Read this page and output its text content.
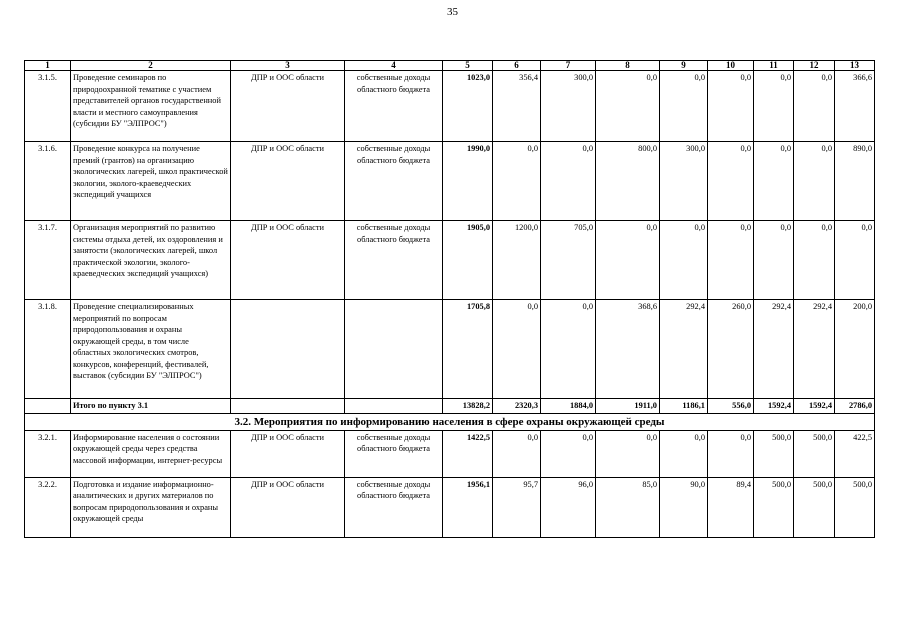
35
1	2	3	4	5	6	7	8	9	10	11	12	13
3.1.5.	Проведение семинаров по природоохранной тематике с участием представителей органов государственной власти и местного самоуправления (субсидии БУ "ЭЛПРОС")	ДПР и ООС области	собственные доходы областного бюджета	1023,0	356,4	300,0	0,0	0,0	0,0	0,0	0,0	366,6
3.1.6.	Проведение конкурса на получение премий (грантов) на организацию экологических лагерей, школ практической экологии, эколого-краеведческих экспедиций учащихся	ДПР и ООС области	собственные доходы областного бюджета	1990,0	0,0	0,0	800,0	300,0	0,0	0,0	0,0	890,0
3.1.7.	Организация мероприятий по развитию системы отдыха детей, их оздоровления и занятости (экологических лагерей, школ практической экологии, эколого-краеведческих экспедиций учащихся)	ДПР и ООС области	собственные доходы областного бюджета	1905,0	1200,0	705,0	0,0	0,0	0,0	0,0	0,0	0,0
3.1.8.	Проведение специализированных мероприятий по вопросам природопользования и охраны окружающей среды, в том числе областных экологических смотров, конкурсов, конференций, фестивалей, выставок (субсидии БУ "ЭЛПРОС")			1705,8	0,0	0,0	368,6	292,4	260,0	292,4	292,4	200,0
	Итого по пункту 3.1			13828,2	2320,3	1884,0	1911,0	1186,1	556,0	1592,4	1592,4	2786,0
3.2. Мероприятия по информированию населения в сфере охраны окружающей среды												
3.2.1.	Информирование населения о состоянии окружающей среды через средства массовой информации, интернет-ресурсы	ДПР и ООС области	собственные доходы областного бюджета	1422,5	0,0	0,0	0,0	0,0	0,0	500,0	500,0	422,5
3.2.2.	Подготовка и издание информационно-аналитических и других материалов по вопросам природопользования и охраны окружающей среды	ДПР и ООС области	собственные доходы областного бюджета	1956,1	95,7	96,0	85,0	90,0	89,4	500,0	500,0	500,0
